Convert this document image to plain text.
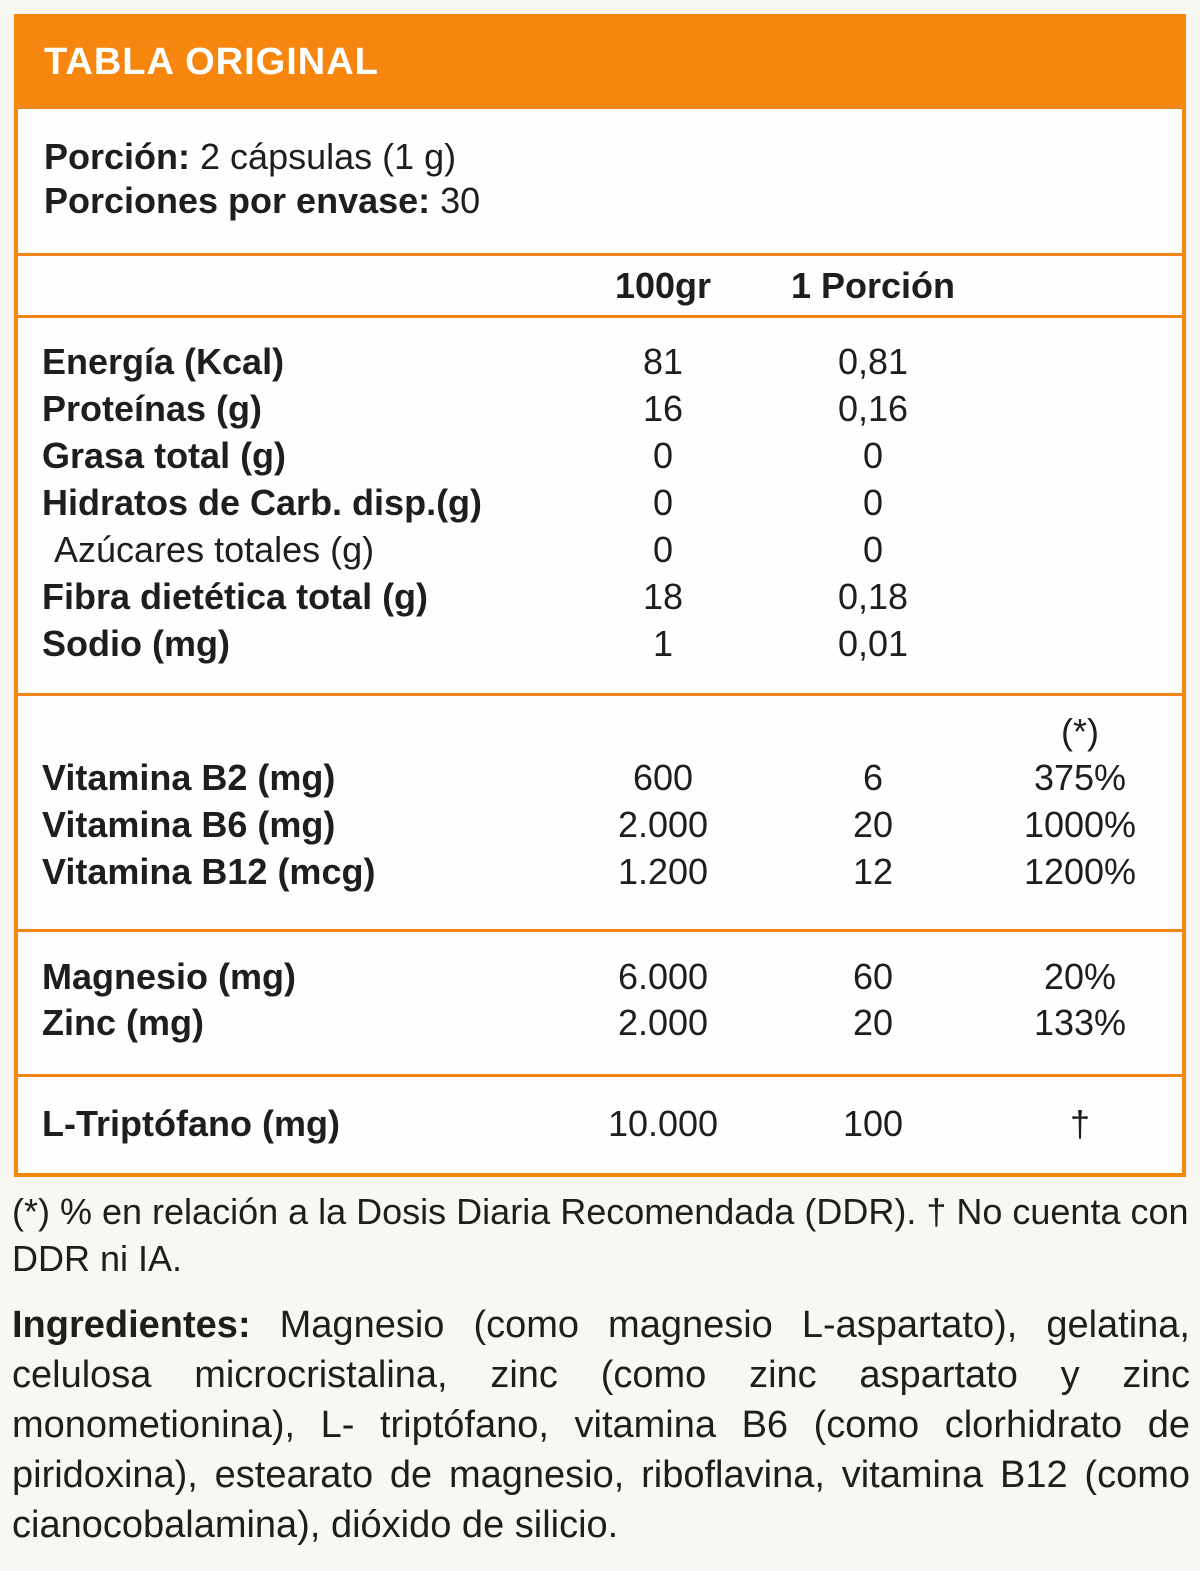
TABLA ORIGINAL
Porción: 2 cápsulas (1 g)
Porciones por envase: 30
100gr	1 Porción
Energía (Kcal)	81	0,81
Proteínas (g)	16	0,16
Grasa total (g)	0	0
Hidratos de Carb. disp.(g)	0	0
Azúcares totales (g)	0	0
Fibra dietética total (g)	18	0,18
Sodio (mg)	1	0,01
(*)
Vitamina B2 (mg)	600	6	375%
Vitamina B6 (mg)	2.000	20	1000%
Vitamina B12 (mcg)	1.200	12	1200%
Magnesio (mg)	6.000	60	20%
Zinc (mg)	2.000	20	133%
L-Triptófano (mg)	10.000	100	†

(*) % en relación a la Dosis Diaria Recomendada (DDR). † No cuenta con DDR ni IA.

Ingredientes: Magnesio (como magnesio L-aspartato), gelatina, celulosa microcristalina, zinc (como zinc aspartato y zinc monometionina), L- triptófano, vitamina B6 (como clorhidrato de piridoxina), estearato de magnesio, riboflavina, vitamina B12 (como cianocobalamina), dióxido de silicio.
